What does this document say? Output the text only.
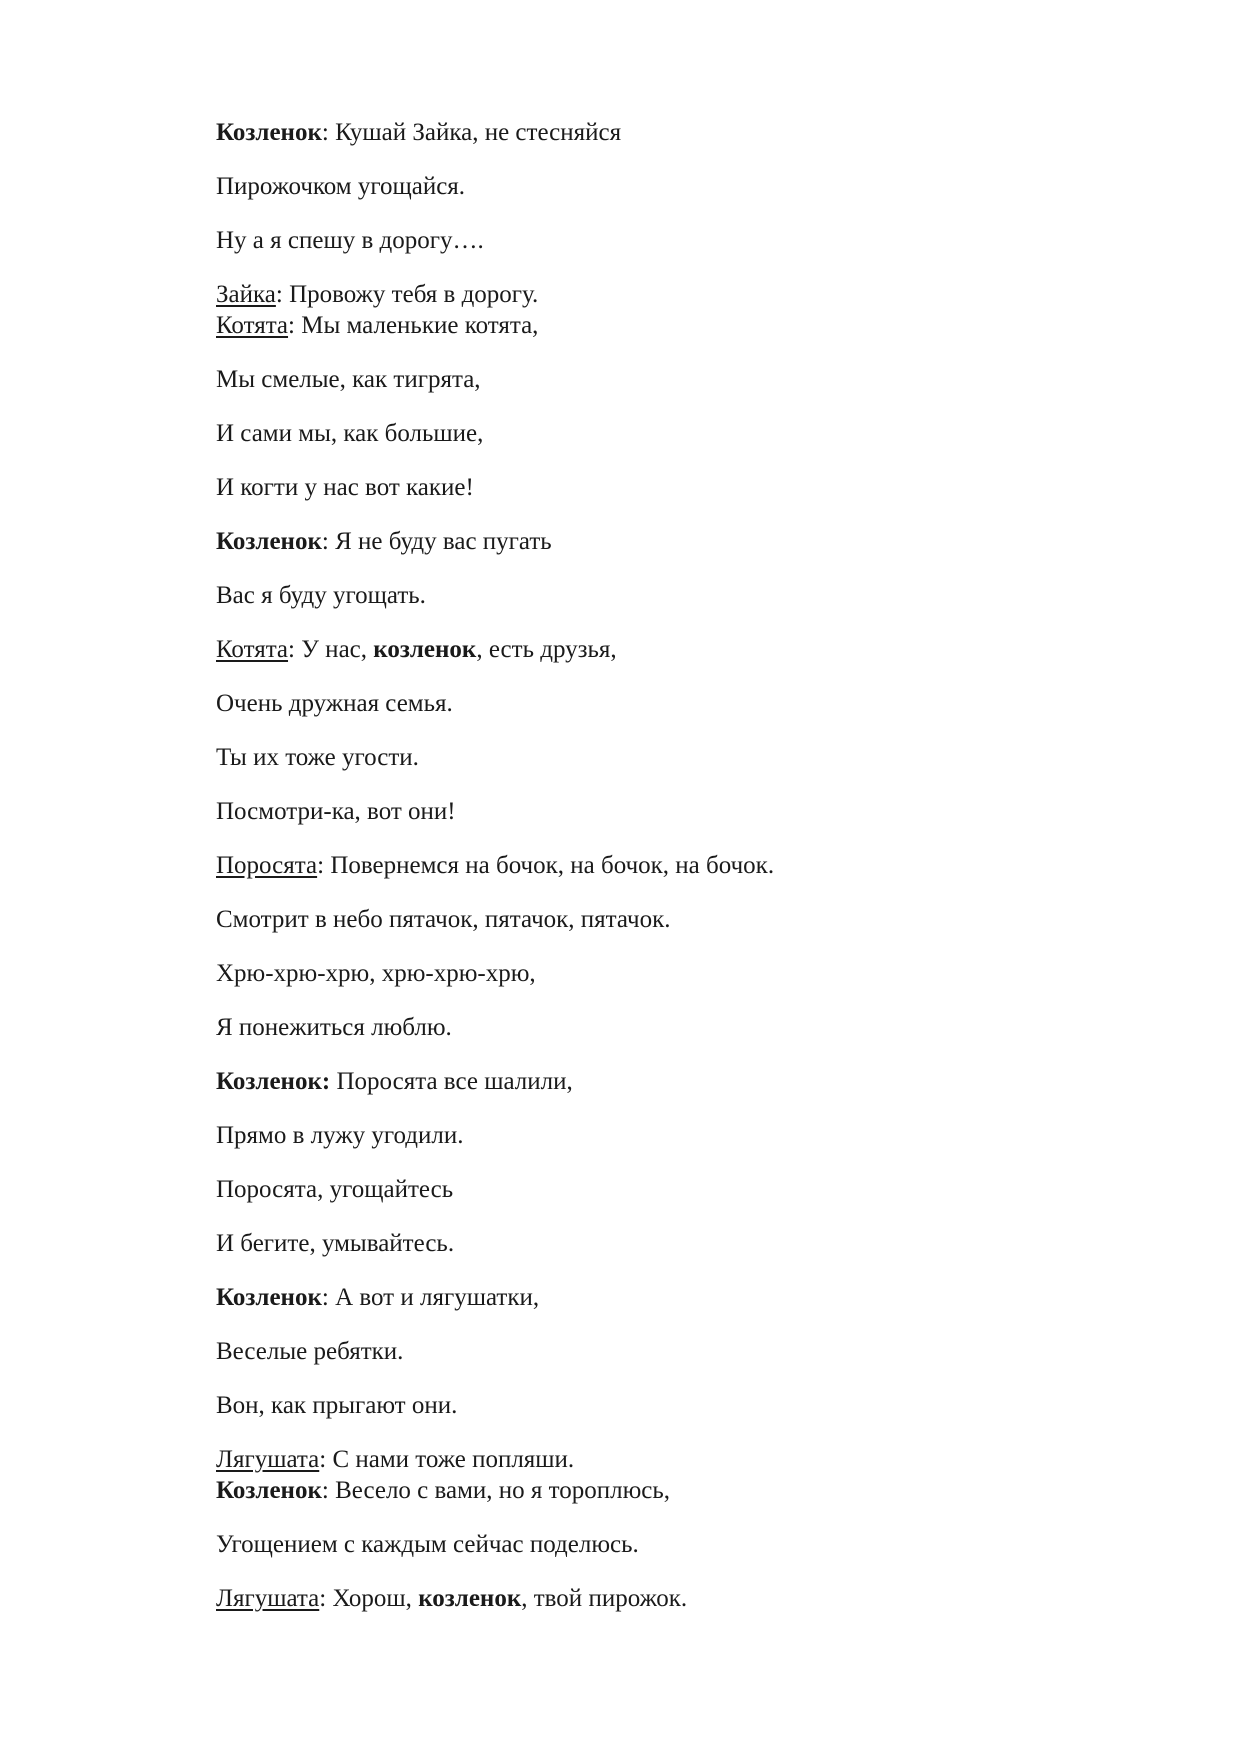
Козленок: Кушай Зайка, не стесняйся

Пирожочком угощайся.

Ну а я спешу в дорогу….

Зайка: Провожу тебя в дорогу.

Котята: Мы маленькие котята,

Мы смелые, как тигрята,

И сами мы, как большие,

И когти у нас вот какие!

Козленок: Я не буду вас пугать

Вас я буду угощать.

Котята: У нас, козленок, есть друзья,

Очень дружная семья.

Ты их тоже угости.

Посмотри-ка, вот они!

Поросята: Повернемся на бочок, на бочок, на бочок.

Смотрит в небо пятачок, пятачок, пятачок.

Хрю-хрю-хрю, хрю-хрю-хрю,

Я понежиться люблю.

Козленок: Поросята все шалили,

Прямо в лужу угодили.

Поросята, угощайтесь

И бегите, умывайтесь.

Козленок: А вот и лягушатки,

Веселые ребятки.

Вон, как прыгают они.

Лягушата: С нами тоже попляши.

Козленок: Весело с вами, но я тороплюсь,

Угощением с каждым сейчас поделюсь.

Лягушата: Хорош, козленок, твой пирожок.
